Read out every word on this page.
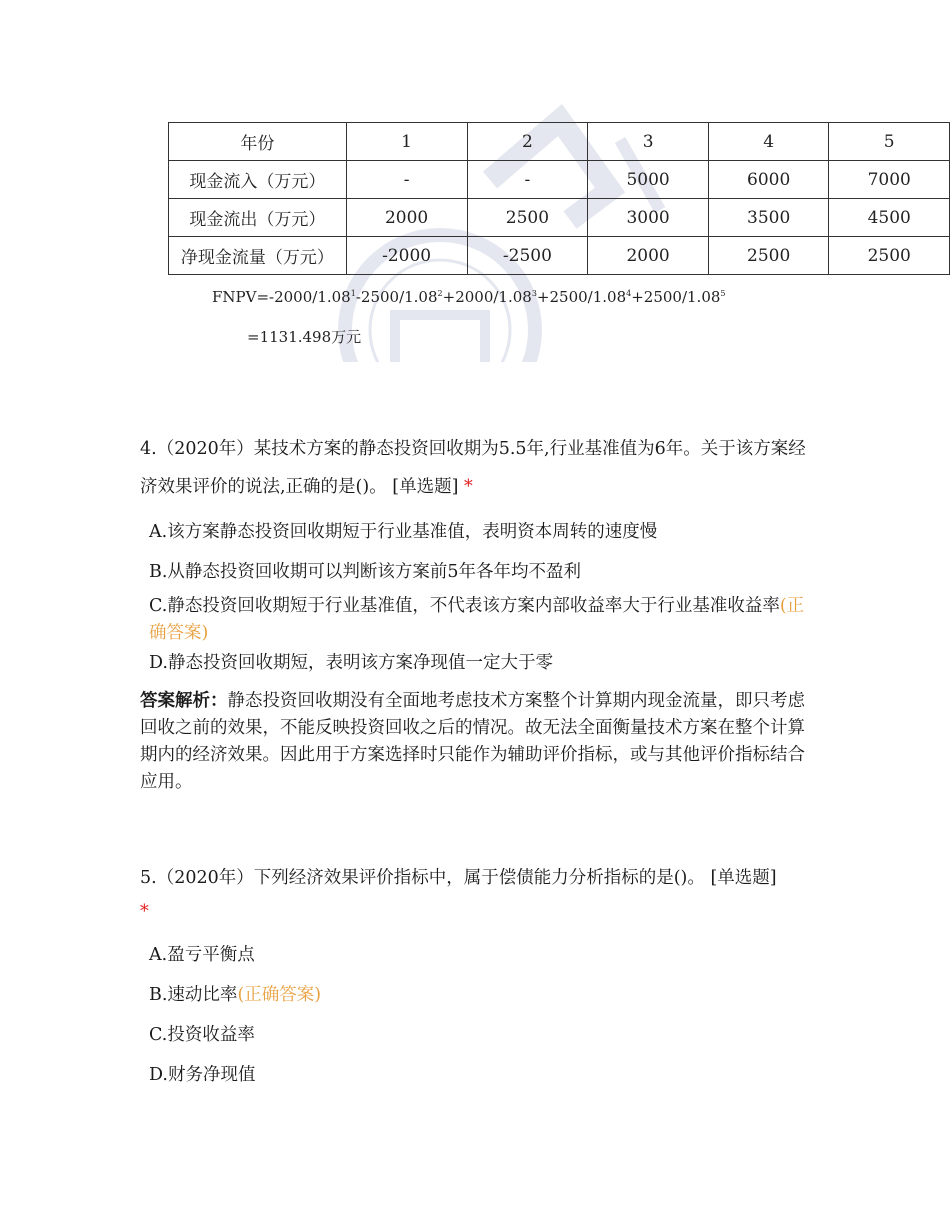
年份	1	2	3	4	5
现金流入（万元）	-	-	5000	6000	7000
现金流出（万元）	2000	2500	3000	3500	4500
净现金流量（万元）	-2000	-2500	2000	2500	2500
$FNPV=-2000/1.08^1-2500/1.08^2+2000/1.08^3+2500/1.08^4+2500/1.08^5$
=1131.498万元
4.（2020年）某技术方案的静态投资回收期为5.5年,行业基准值为6年。关于该方案经济效果评价的说法,正确的是()。 [单选题] *
A.该方案静态投资回收期短于行业基准值，表明资本周转的速度慢
B.从静态投资回收期可以判断该方案前5年各年均不盈利
C.静态投资回收期短于行业基准值，不代表该方案内部收益率大于行业基准收益率(正确答案)
D.静态投资回收期短，表明该方案净现值一定大于零
答案解析：静态投资回收期没有全面地考虑技术方案整个计算期内现金流量，即只考虑回收之前的效果，不能反映投资回收之后的情况。故无法全面衡量技术方案在整个计算期内的经济效果。因此用于方案选择时只能作为辅助评价指标，或与其他评价指标结合应用。
5.（2020年）下列经济效果评价指标中，属于偿债能力分析指标的是()。 [单选题]
*
A.盈亏平衡点
B.速动比率(正确答案)
C.投资收益率
D.财务净现值
